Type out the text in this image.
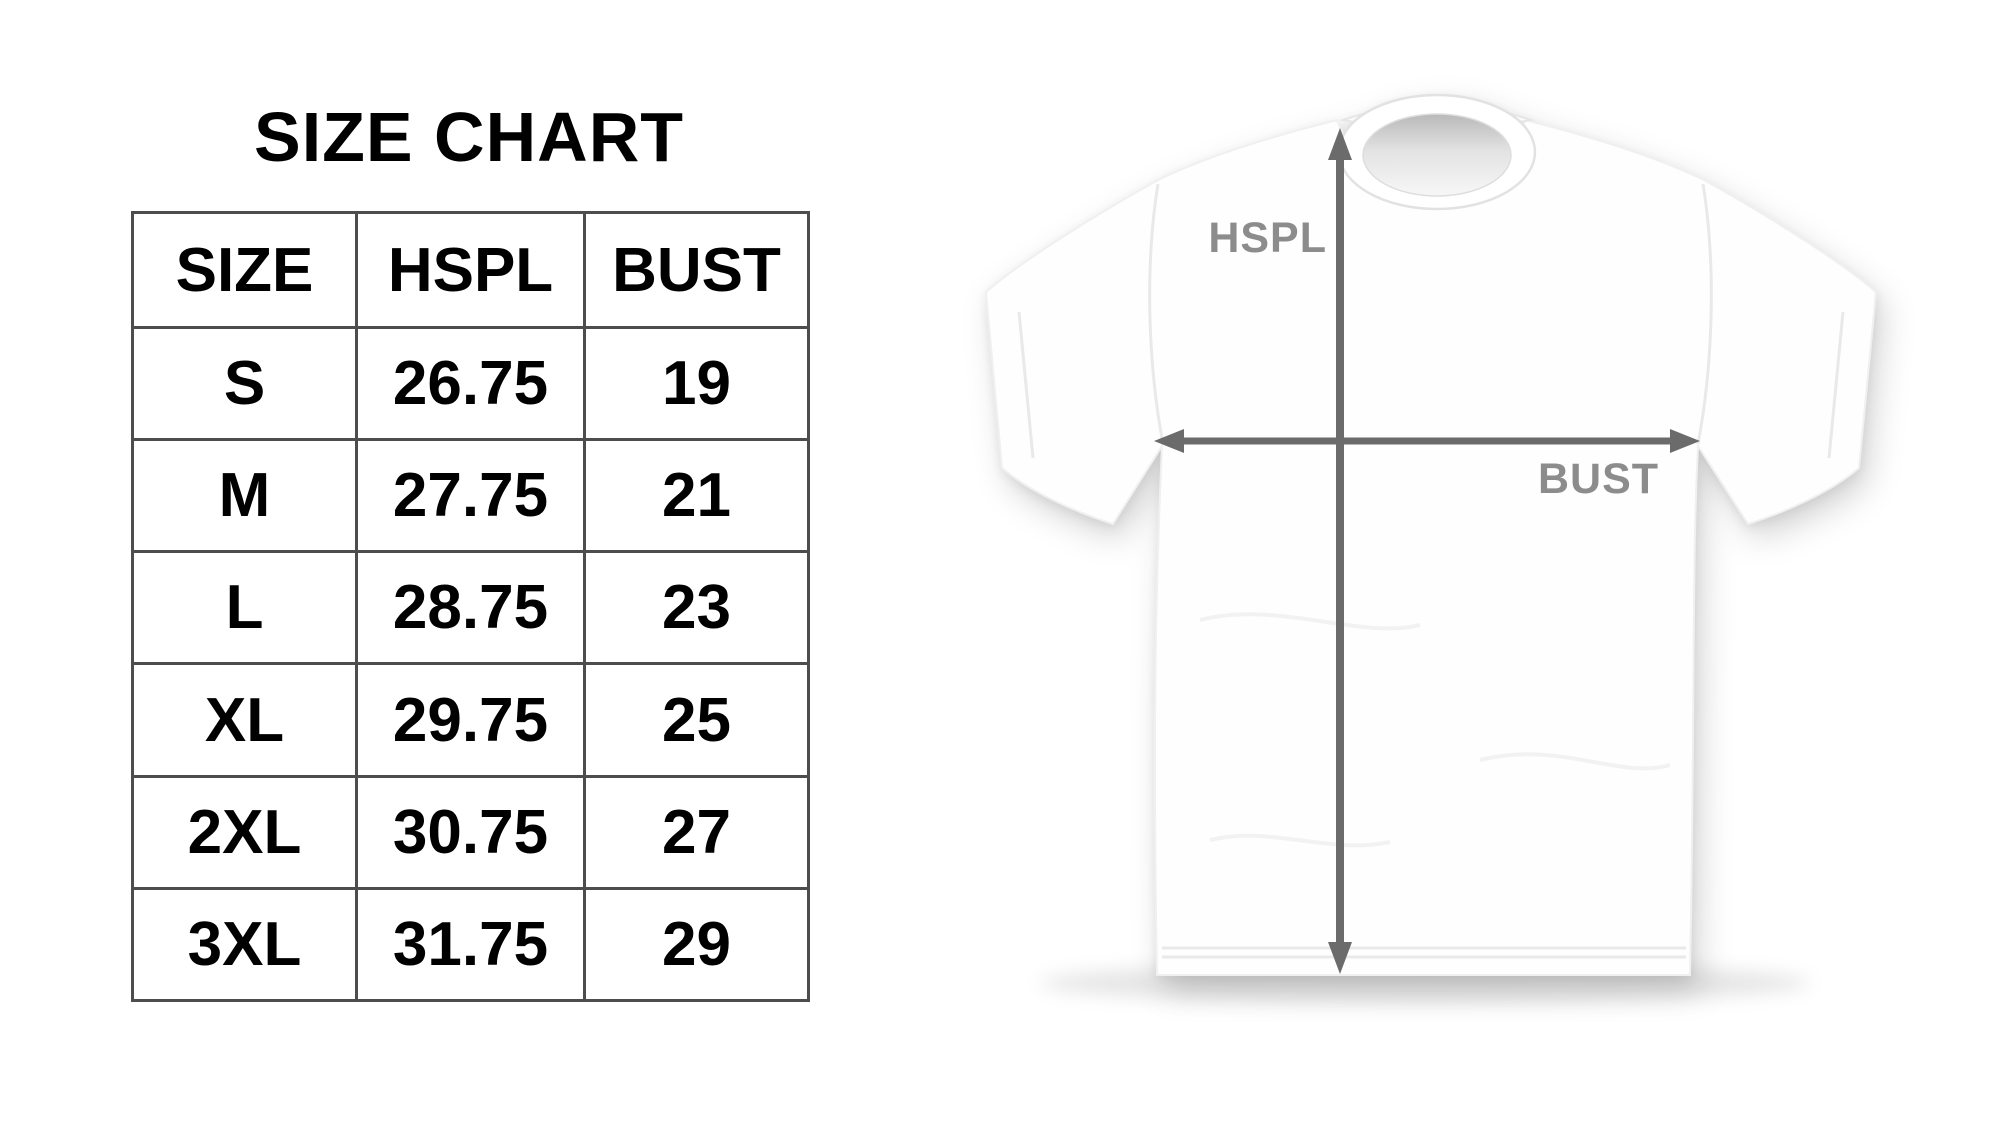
SIZE CHART
SIZE	HSPL	BUST
S	26.75	19
M	27.75	21
L	28.75	23
XL	29.75	25
2XL	30.75	27
3XL	31.75	29
HSPL
BUST
